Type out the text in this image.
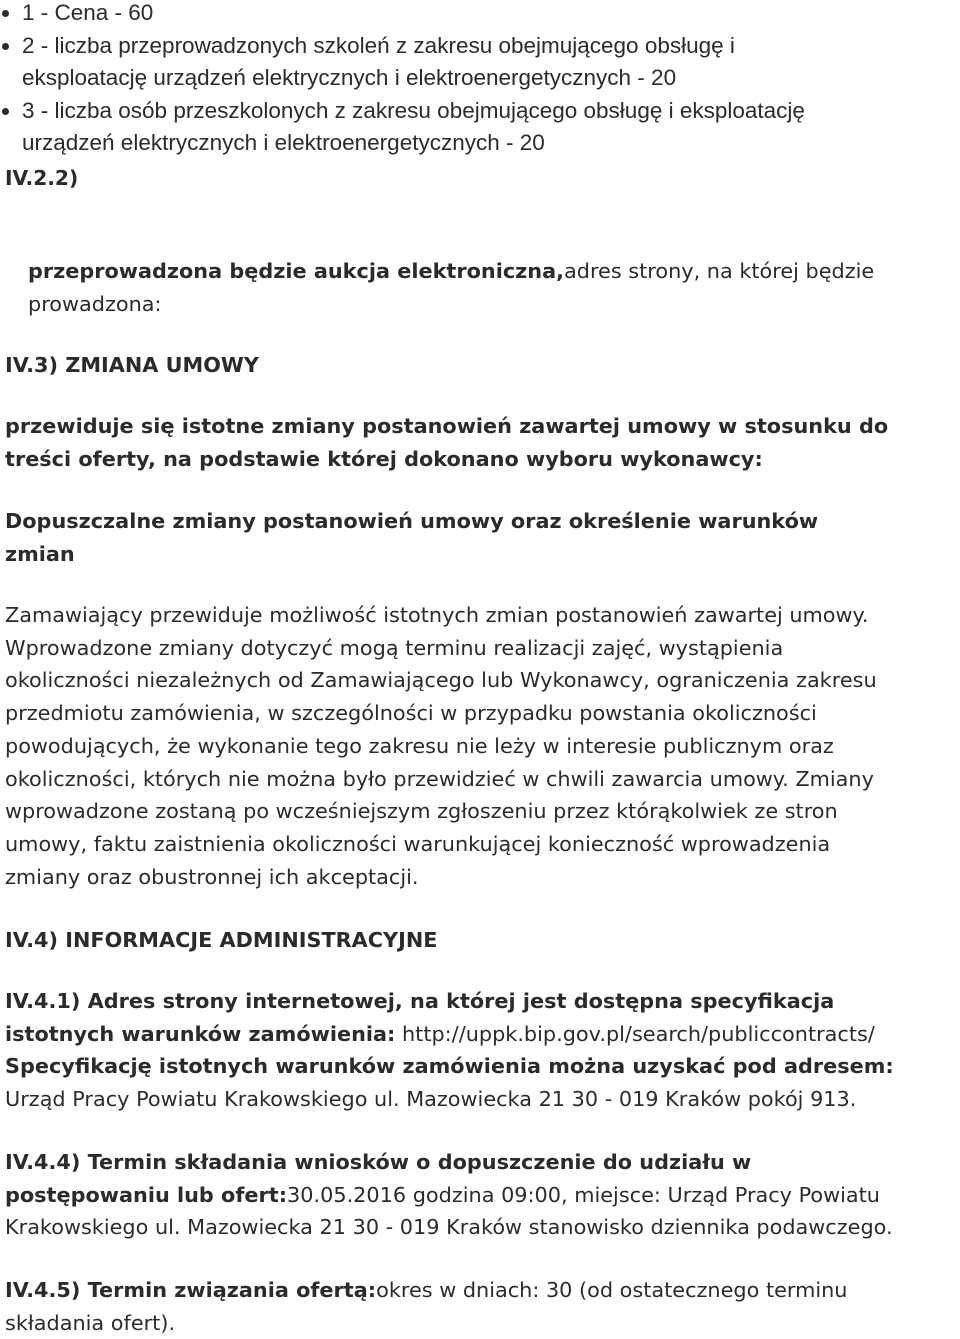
1 - Cena - 60
2 - liczba przeprowadzonych szkoleń z zakresu obejmującego obsługę i
eksploatację urządzeń elektrycznych i elektroenergetycznych - 20
3 - liczba osób przeszkolonych z zakresu obejmującego obsługę i eksploatację
urządzeń elektrycznych i elektroenergetycznych - 20
IV.2.2)
przeprowadzona będzie aukcja elektroniczna,adres strony, na której będzie
prowadzona:
IV.3) ZMIANA UMOWY
przewiduje się istotne zmiany postanowień zawartej umowy w stosunku do
treści oferty, na podstawie której dokonano wyboru wykonawcy:
Dopuszczalne zmiany postanowień umowy oraz określenie warunków
zmian
Zamawiający przewiduje możliwość istotnych zmian postanowień zawartej umowy.
Wprowadzone zmiany dotyczyć mogą terminu realizacji zajęć, wystąpienia
okoliczności niezależnych od Zamawiającego lub Wykonawcy, ograniczenia zakresu
przedmiotu zamówienia, w szczególności w przypadku powstania okoliczności
powodujących, że wykonanie tego zakresu nie leży w interesie publicznym oraz
okoliczności, których nie można było przewidzieć w chwili zawarcia umowy. Zmiany
wprowadzone zostaną po wcześniejszym zgłoszeniu przez którąkolwiek ze stron
umowy, faktu zaistnienia okoliczności warunkującej konieczność wprowadzenia
zmiany oraz obustronnej ich akceptacji.
IV.4) INFORMACJE ADMINISTRACYJNE
IV.4.1) Adres strony internetowej, na której jest dostępna specyfikacja
istotnych warunków zamówienia: http://uppk.bip.gov.pl/search/publiccontracts/
Specyfikację istotnych warunków zamówienia można uzyskać pod adresem:
Urząd Pracy Powiatu Krakowskiego ul. Mazowiecka 21 30 - 019 Kraków pokój 913.
IV.4.4) Termin składania wniosków o dopuszczenie do udziału w
postępowaniu lub ofert:30.05.2016 godzina 09:00, miejsce: Urząd Pracy Powiatu
Krakowskiego ul. Mazowiecka 21 30 - 019 Kraków stanowisko dziennika podawczego.
IV.4.5) Termin związania ofertą:okres w dniach: 30 (od ostatecznego terminu
składania ofert).
